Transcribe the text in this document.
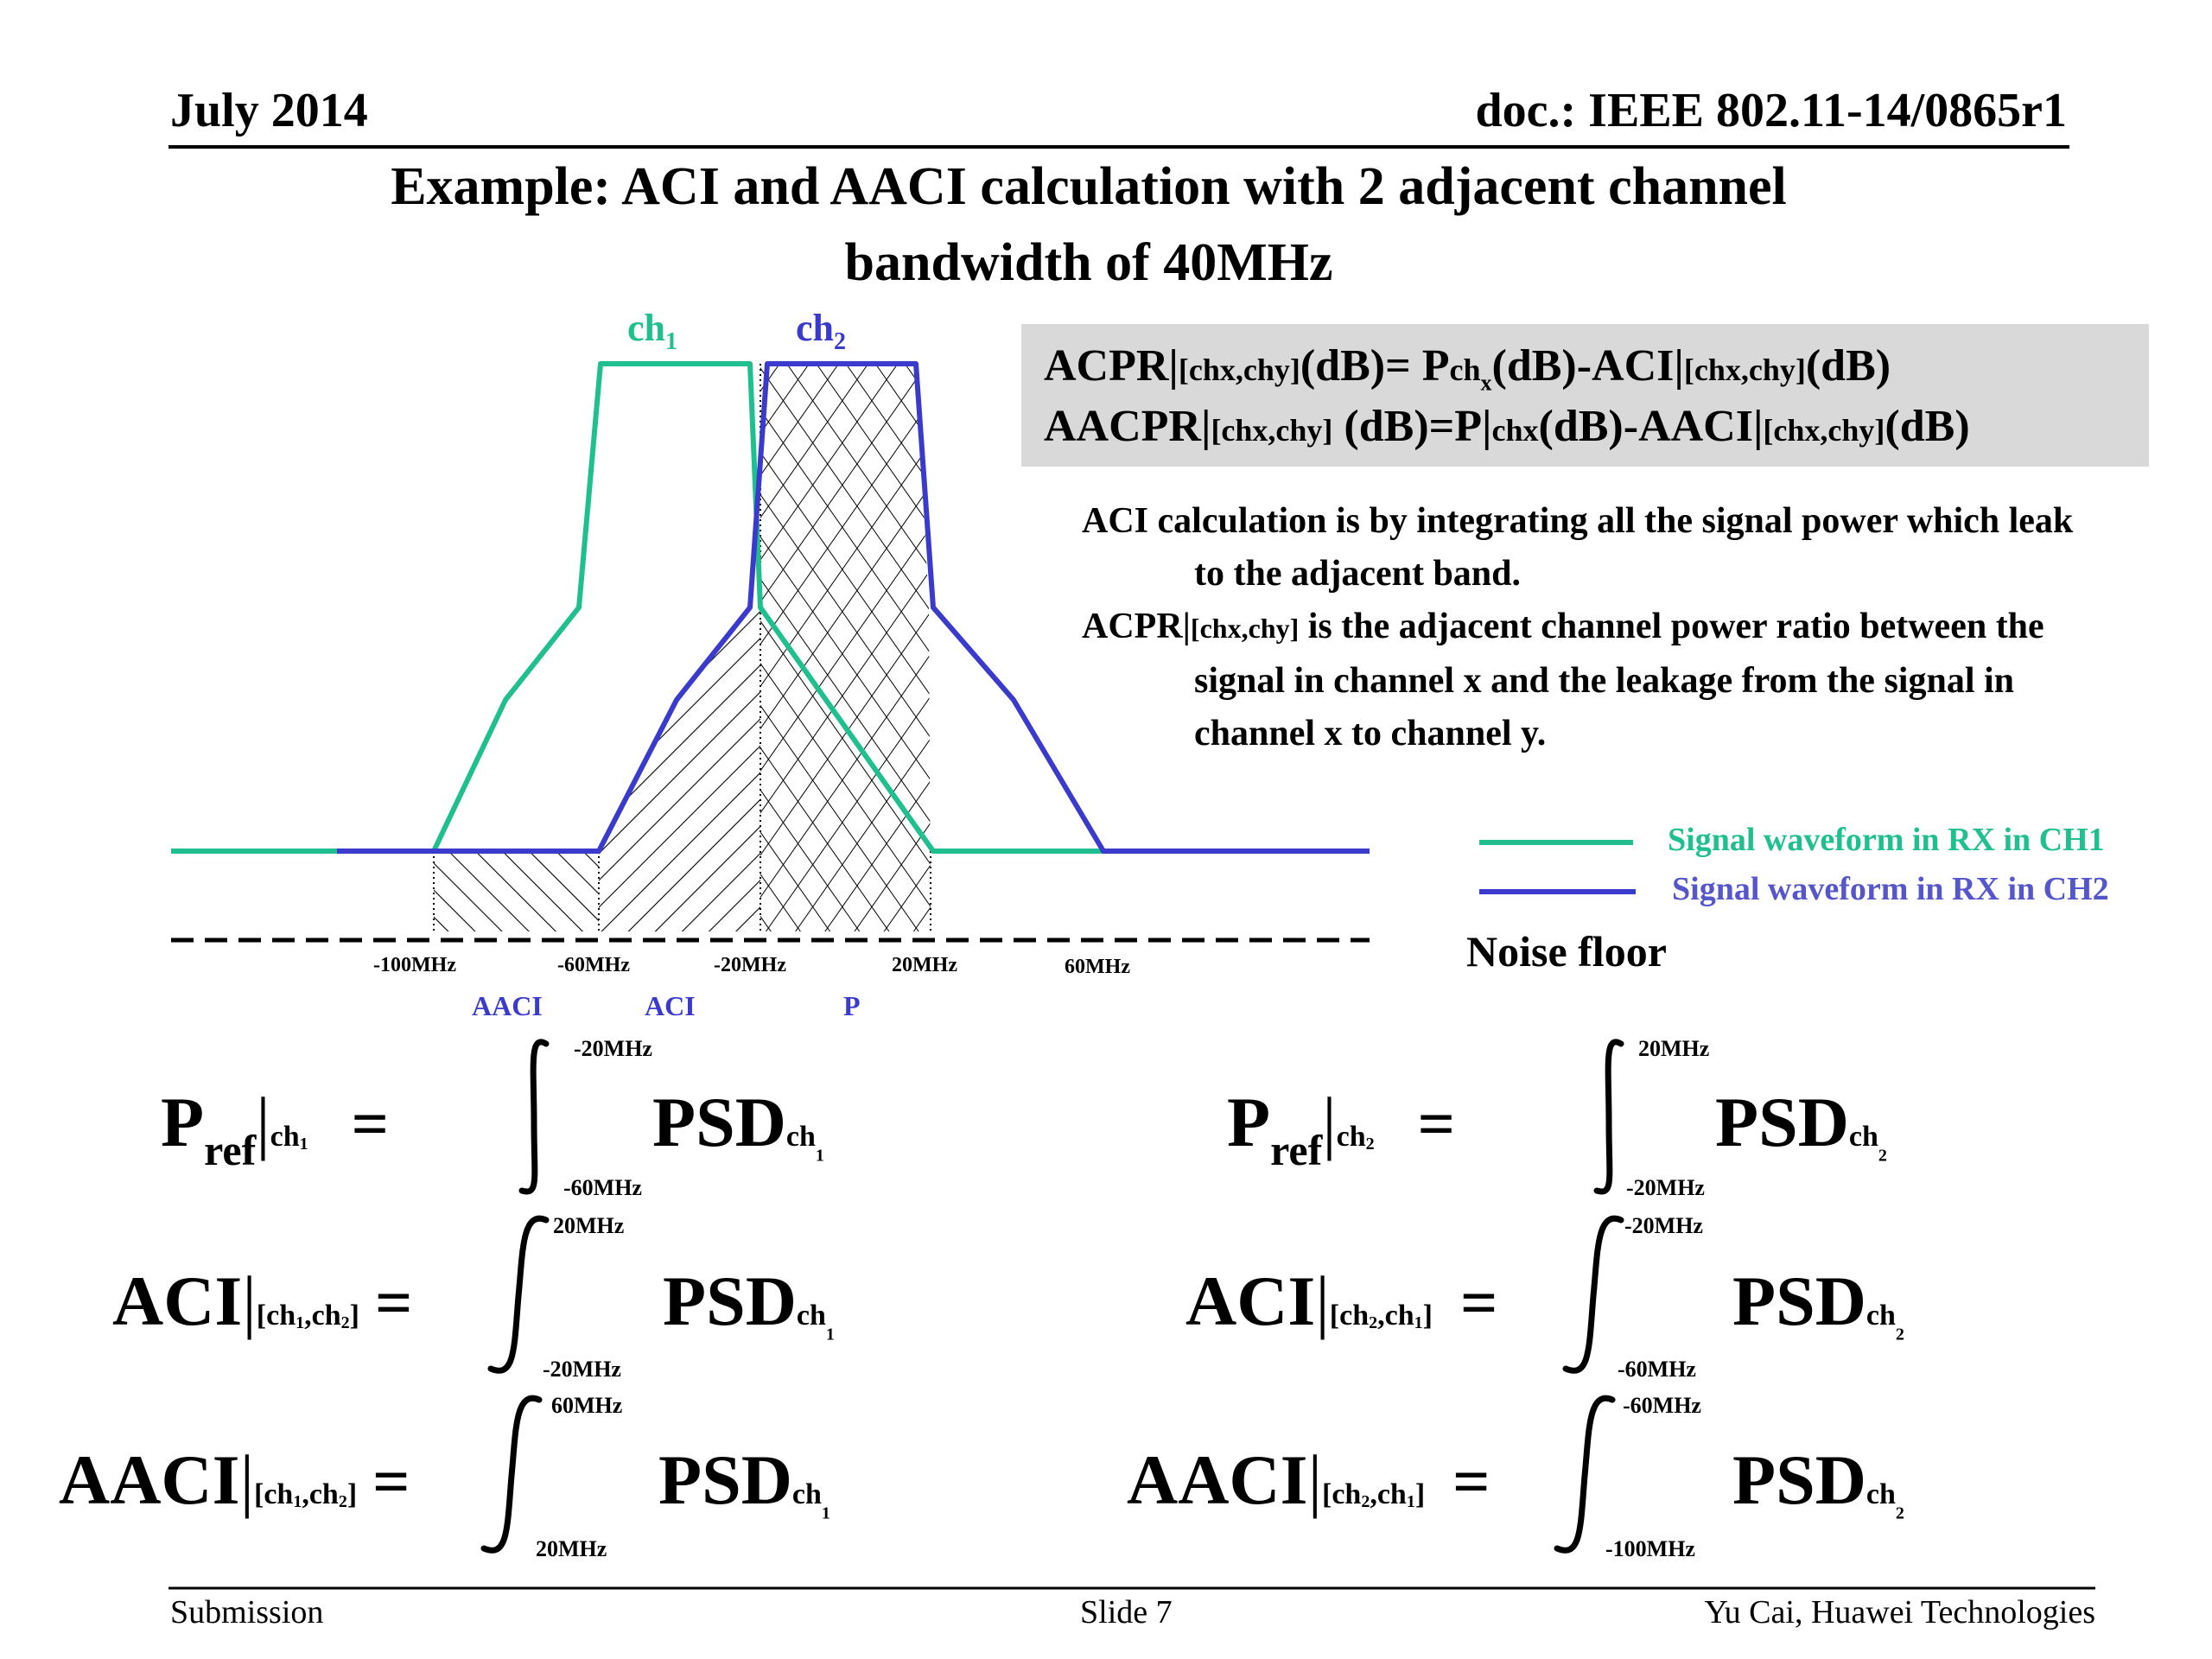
July 2014	doc.: IEEE 802.11-14/0865r1
Example: ACI and AACI calculation with 2 adjacent channel
bandwidth of 40MHz
ACPR|[chx,chy](dB)= Pch$_x$(dB)-ACI|[chx,chy](dB)
AACPR|[chx,chy] (dB)=P|chx(dB)-AACI|[chx,chy](dB)

ACI calculation is by integrating all the signal power which leak to the adjacent band.

ACPR|[chx,chy] is the adjacent channel power ratio between the signal in channel x and the leakage from the signal in channel x to channel y.

$ch_1$	$ch_2$
-100MHz	-60MHz	-20MHz	20MHz	60MHz
AACI	ACI	P
Signal waveform in RX in CH1
Signal waveform in RX in CH2
Noise floor
$Pref|ch_1$ =
-20MHz
-60MHz
PSDch$_1$
$ACI|[ch_1,ch_2]$ =
20MHz
-20MHz
PSDch$_1$
$AACI|[ch_1,ch_2]$ =
60MHz
20MHz
PSDch$_1$
$Pref|ch_2$ =
20MHz
-20MHz
PSDch$_2$
$ACI|[ch_2,ch_1]$ =
-20MHz
-60MHz
PSDch$_2$
$AACI|[ch_2,ch_1]$ =
-60MHz
-100MHz
PSDch$_2$
Submission	Slide 7	Yu Cai, Huawei Technologies
